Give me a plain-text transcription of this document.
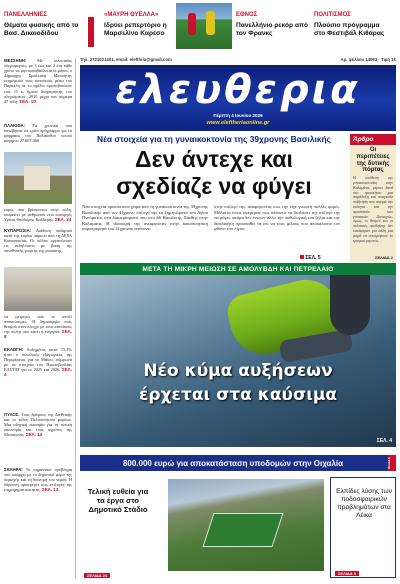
ΠΑΝΕΛΛΗΝΙΕΣ
Θέματα φυσικής από το Βασ. Δικαιοδίδου
«ΜΑΥΡΗ ΘΥΕΛΛΑ»
Ιδρύει ρεπερτόριο η Μαρσελίνο Καρέσο
ΕΘΝΟΣ
Πανελλήνιο ρεκόρ από τον Φρανκς
ΠΟΛΙΤΙΣΜΟΣ
Πλούσιο πρόγραμμα στο Φεστιβάλ Κιθάρας
ΜΕΣΣΗΝΗ:	Με τελευταίες πληροφορίες, με 3 έως και 2 έτη κάθε χρόνο να μην καταβάλλεται οι φόροι, ο Δήμαρχος Σμαλτάκη Μεσσήνης ενημέρωσε τους κατοίκους μέσω του Παρκέλη σε το σχέδιο πρωτοβουλιών του. Ο κ. ήμουν διαχειριστής του πληρώματος. 2010 μέχρι και σήμερα 27 τέλη. ΣΕΛ. 10
ΠΛΑΚΙΘΑ: Τα χρονικά που κατέβηκαν σε τρίτο πρόγραμμα για τα φάρμακα του Παλαίσθου ποσού κόψιμου 27.667.360
ευρώ, που βρίσκονται στην πύλη, ιπαμείνει με ανθρώπου ενώ υπουργός Υγείας Θεόδωρος Καλδερής. ΣΕΛ. 24
ΚΥΠΑΡΙΣΣΙΑ: Διάδοση παζαριού κατά της κυρίας πάρκου από τη ΔΕΥΑ Κυπαρισσίας. Οι πόλεις οργανώνουν τις εκδηλώσεις με βάση της πανεθνικής γιορτής της μουσικής.
να μετρητώ από το σκυλί ανανεώσιμες. Η δημιουργία ενός θεσμού στον έλεγχο με τους κατοίκους της πόλης που κάνει η ενέργεια. ΣΕΛ. 8
ΕΚΛΟΓΗ: Αυξημένος κατά 15,3% ήταν ο συνολικός εξαγωγικός της Περιφέρειας για το Μαΐου, σύμφωνα με τα στοιχεία του Πρωτοβουλίας ΕΛΣΤΑΤ για το 2025 και 2026. ΣΕΛ. 4
ΠΥΛΟΣ: Τους δρόμους της Διεθνικής και το τέλος Πελοπονήσου φορέων. Μια οδηγική ευκαιρία για τη τοπική οικονομία και τους αγρότες της Μεσσηνίας. ΣΕΛ. 14
ΣΚΛΗΡΑ: Το σημαντικό πρόβλημα που υπάρχει με το δημοτικό φόρο της περιοχής και τη διανομή του νερού. Η ύδρευση προσφέρει στις επιλογές της επιχειρηματικότητας. ΣΕΛ. 13
Τηλ. 2721021401, email: elefthria@gmail.com	Αρ. φύλλου 14063 · Τιμή 1€
ελευθερια
Πέμπτη 4 Ιουνίου 2026
www.eleftheriaonline.gr
Νέα στοιχεία για τη γυναικοκτονία της 39χρονης Βασιλικής
Δεν άντεχε και
σχεδίαζε να φύγει
Νέα στοιχεία προκύπτουν χώρα από τη γυναικοκτονία της 39χρονης Βασιλικής από τον 41χρονο σύζυγό της τα ξημερώματα του Αγίου Πνεύματος στα διαμερίσματα που στο 66 Βασιλικής Ξάνθης στην Καλαμάτα. Η ιδιαιτερή της αναφερόταν στην κακοποιητική συμπεριφορά του 41χρονου απέναντι
στην σύζυγό της, αναφέροντας πως την είχε γνωστή πολλές φορές. Μάλιστα όπως ανέφεραν πως σκόπευε να διαλύσει την σύζυγό της να φύγει, ακόμα δεν έντεινε άλλο την παθολογική του ζήλια και την διεκδικήτη προσπαθεί τα επι να τους φίλους που αποκάλυπτε τον φθόνο του λίγου.
ΣΕΛ. 5
Άρθρο
Οι περιπέτειες της δυτικής πόρτας
Η υπόθεση της γυναικοκτονίας στην Καλαμάτα, φέρνει ξανά στο προσκήνιο μια παράδοξη και αναγκαία συζήτηση που αφορά την ισότητα και την προστασία των γυναικών. Δυστυχώς, όμως, οι θεσμοί και οι πολιτικές πρόληψης δεν κατάφεραν για άλλη μια φορά να αποτρέψουν το τραγικό γεγονός.
ΣΕΛΙΔΑ 2
ΜΕΤΑ ΤΗ ΜΙΚΡΗ ΜΕΙΩΣΗ ΣΕ ΑΜΟΛΥΒΔΗ ΚΑΙ ΠΕΤΡΕΛΑΙΟ
Νέο κύμα αυξήσεων
έρχεται στα καύσιμα
ΣΕΛ. 4
800.000 ευρώ για αποκατάσταση υποδομών στην Οιχαλία	ΣΕΛΙΔΑ 6
Τελική ευθεία για τα έργα στο Δημοτικό Στάδιο
ΣΕΛΙΔΑ 24
Ελπίδες λύσης των ποδοσφαιρικών προβλημάτων στα Λέικα
ΣΕΛΙΔΑ 8
